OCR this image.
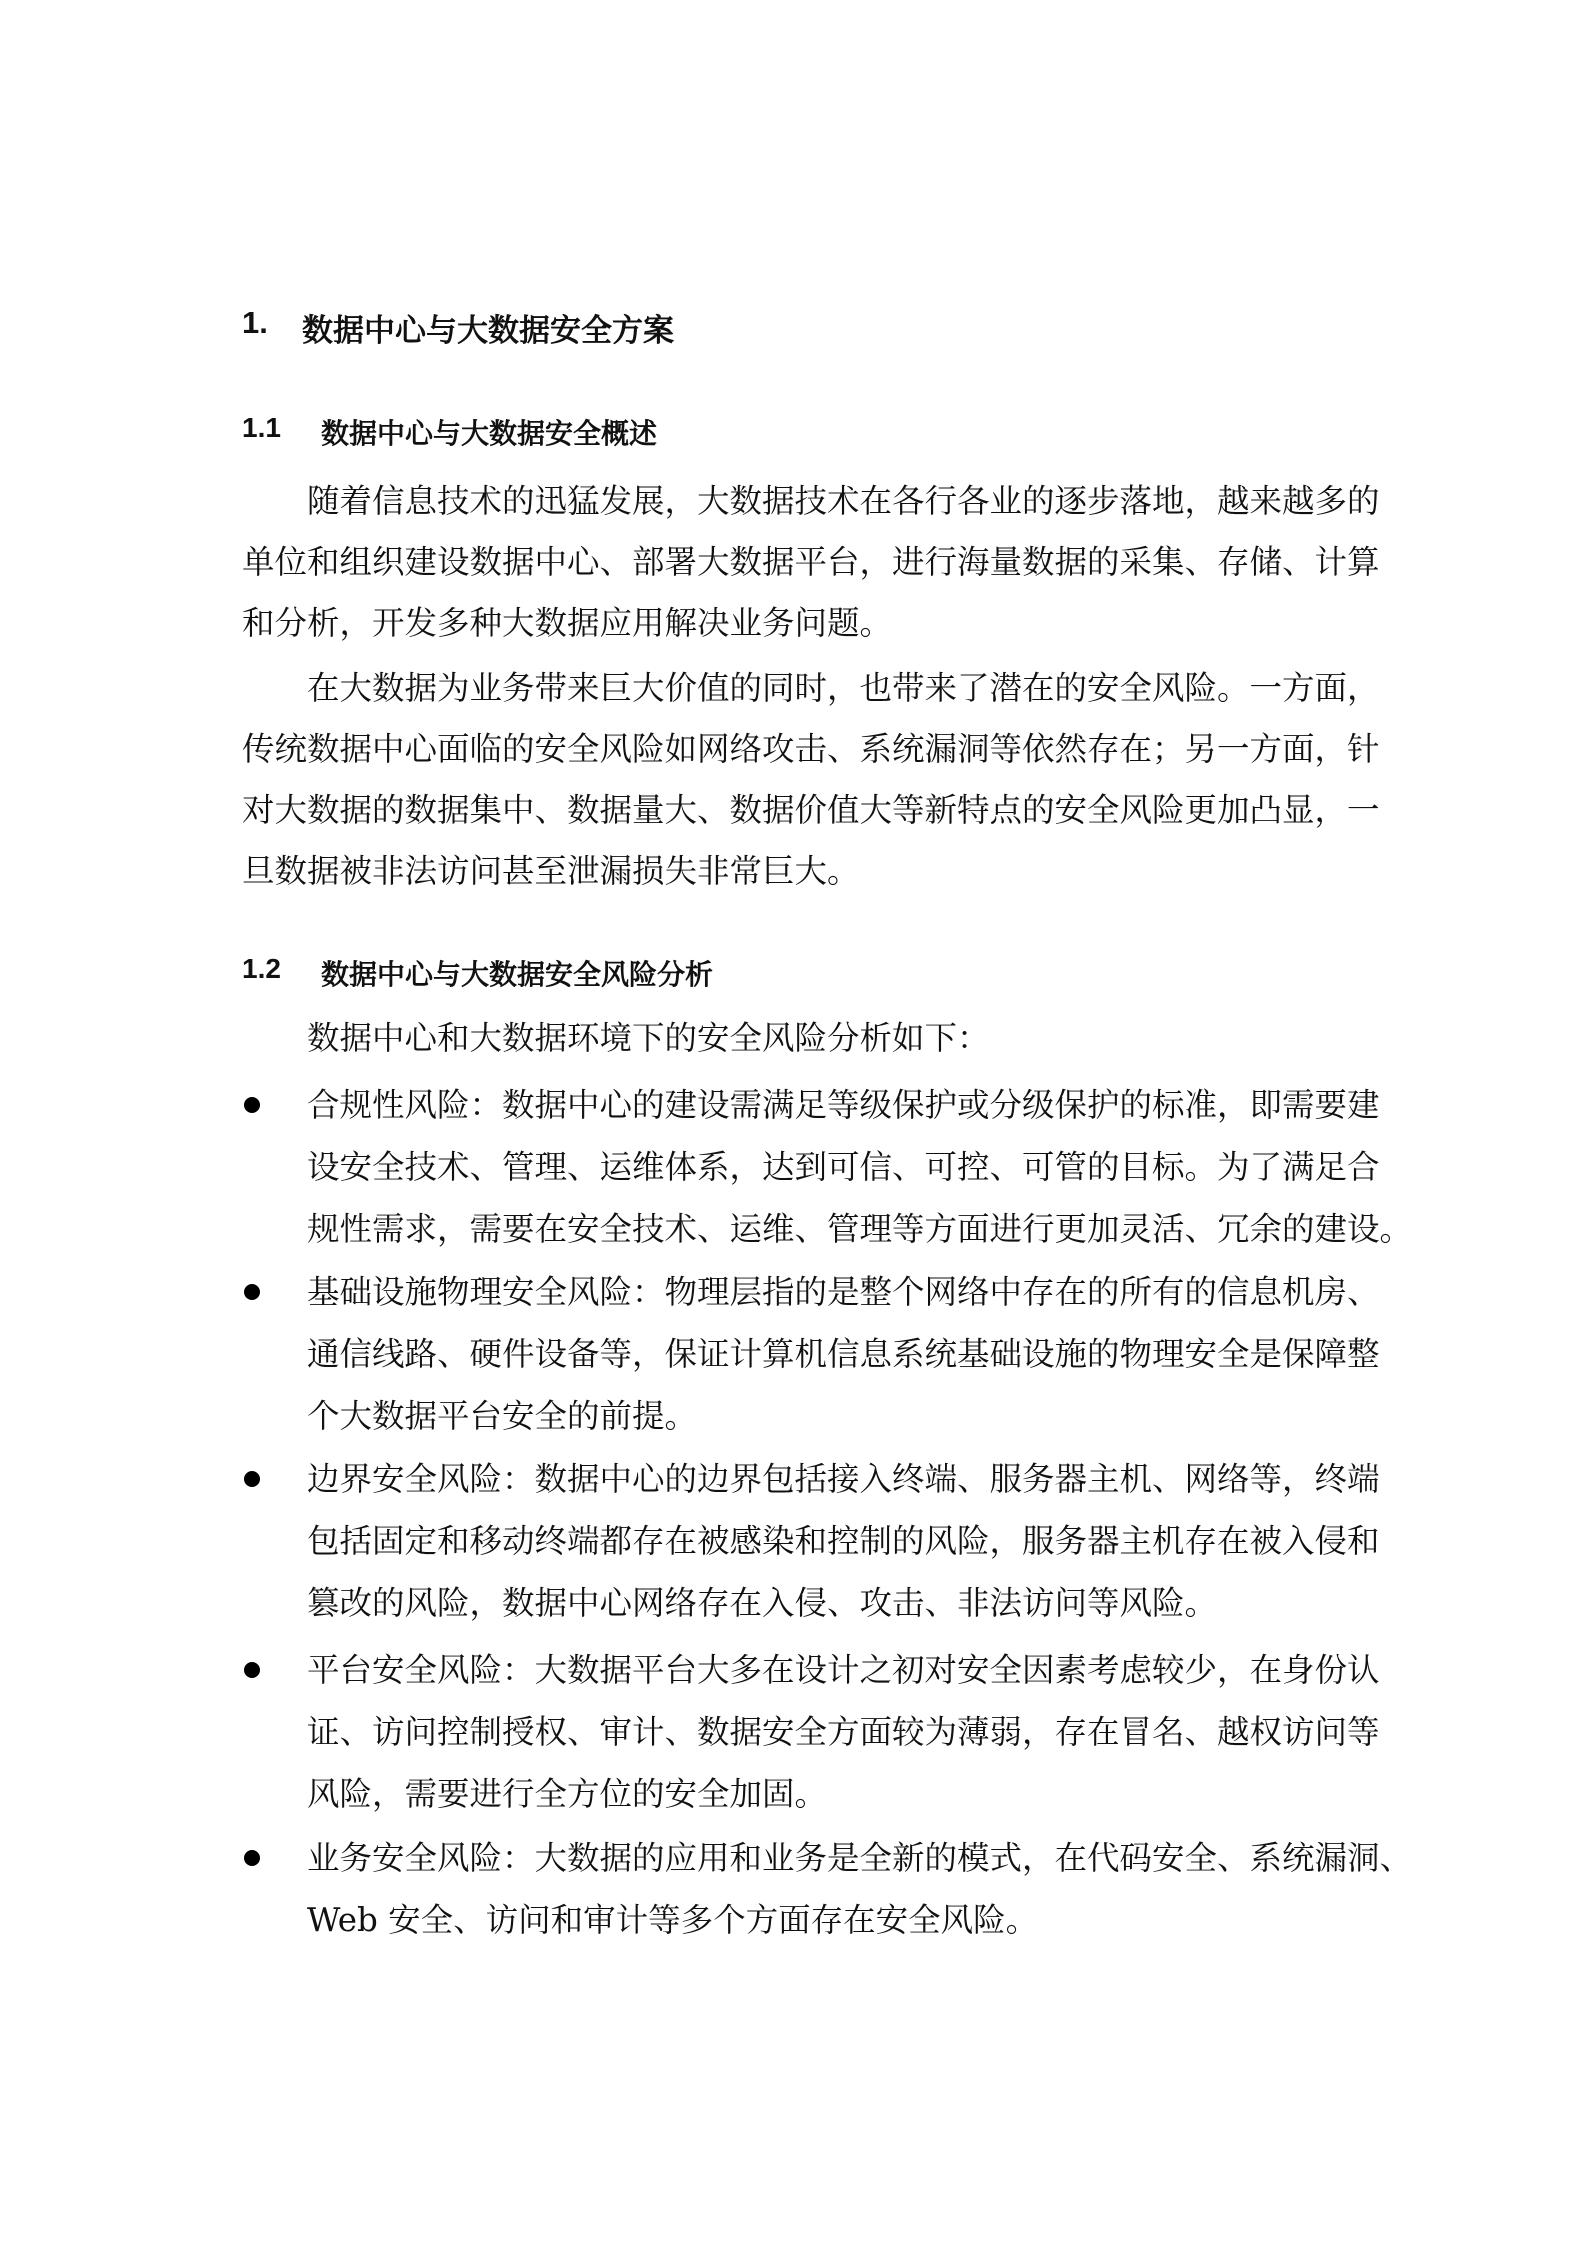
1. 数据中心与大数据安全方案
1.1 数据中心与大数据安全概述
　　随着信息技术的迅猛发展，大数据技术在各行各业的逐步落地，越来越多的
单位和组织建设数据中心、部署大数据平台，进行海量数据的采集、存储、计算
和分析，开发多种大数据应用解决业务问题。
　　在大数据为业务带来巨大价值的同时，也带来了潜在的安全风险。一方面，
传统数据中心面临的安全风险如网络攻击、系统漏洞等依然存在；另一方面，针
对大数据的数据集中、数据量大、数据价值大等新特点的安全风险更加凸显，一
旦数据被非法访问甚至泄漏损失非常巨大。
1.2 数据中心与大数据安全风险分析
　　数据中心和大数据环境下的安全风险分析如下：
合规性风险：数据中心的建设需满足等级保护或分级保护的标准，即需要建
设安全技术、管理、运维体系，达到可信、可控、可管的目标。为了满足合
规性需求，需要在安全技术、运维、管理等方面进行更加灵活、冗余的建设。
基础设施物理安全风险：物理层指的是整个网络中存在的所有的信息机房、
通信线路、硬件设备等，保证计算机信息系统基础设施的物理安全是保障整
个大数据平台安全的前提。
边界安全风险：数据中心的边界包括接入终端、服务器主机、网络等，终端
包括固定和移动终端都存在被感染和控制的风险，服务器主机存在被入侵和
篡改的风险，数据中心网络存在入侵、攻击、非法访问等风险。
平台安全风险：大数据平台大多在设计之初对安全因素考虑较少，在身份认
证、访问控制授权、审计、数据安全方面较为薄弱，存在冒名、越权访问等
风险，需要进行全方位的安全加固。
业务安全风险：大数据的应用和业务是全新的模式，在代码安全、系统漏洞、
Web 安全、访问和审计等多个方面存在安全风险。
